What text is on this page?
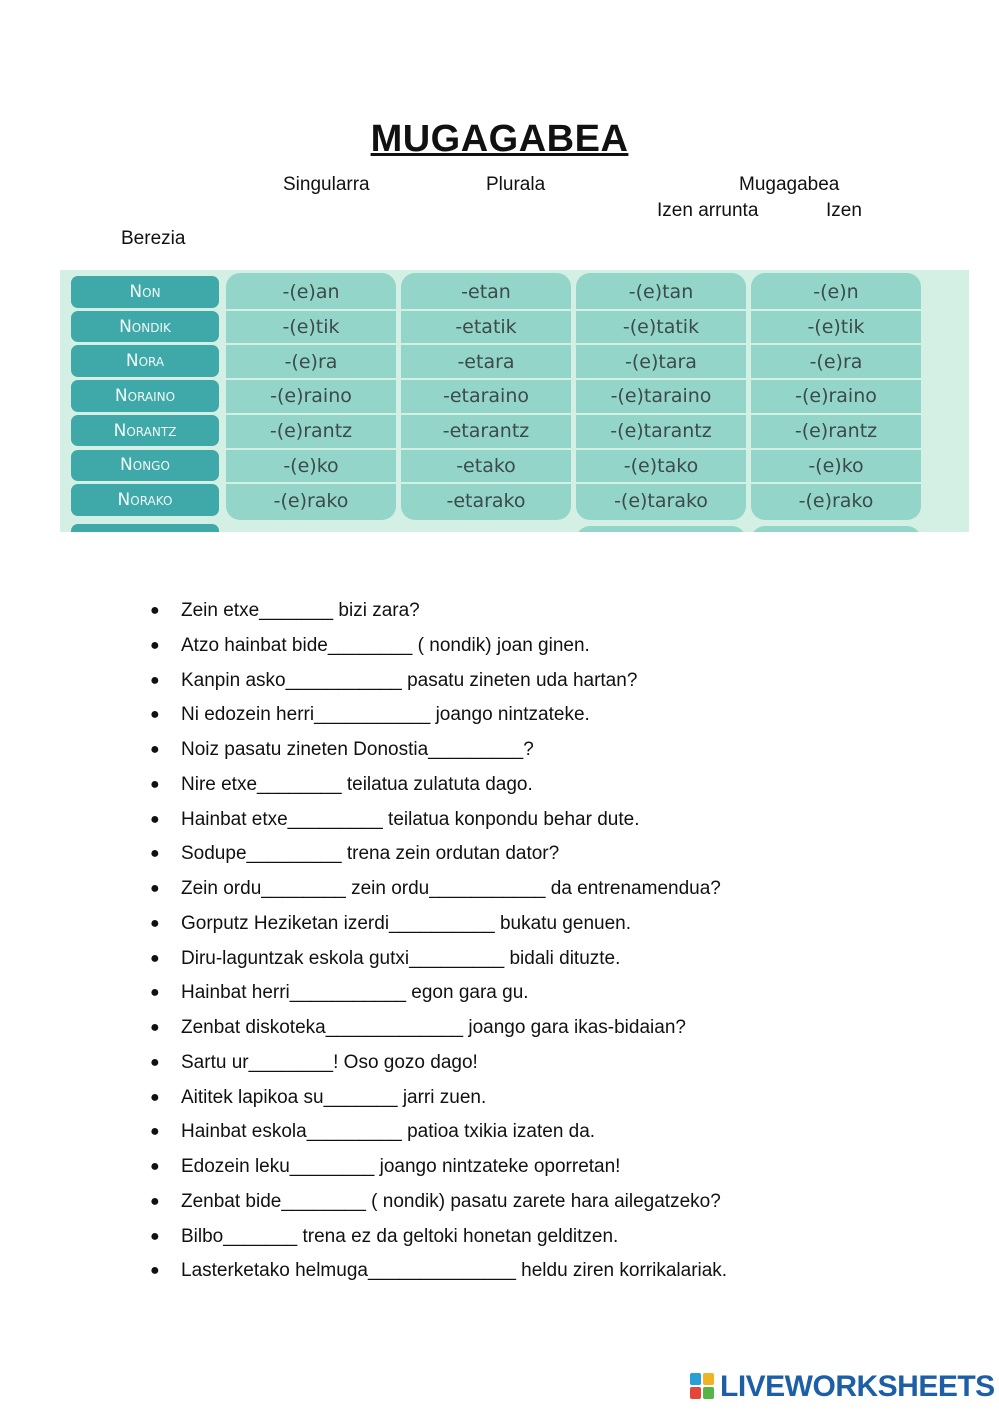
MUGAGABEA
Singularra	Plurala	Mugagabea
Izen arrunta	Izen
Berezia
Non	-(e)an	-etan	-(e)tan	-(e)n
Nondik	-(e)tik	-etatik	-(e)tatik	-(e)tik
Nora	-(e)ra	-etara	-(e)tara	-(e)ra
Noraino	-(e)raino	-etaraino	-(e)taraino	-(e)raino
Norantz	-(e)rantz	-etarantz	-(e)tarantz	-(e)rantz
Nongo	-(e)ko	-etako	-(e)tako	-(e)ko
Norako	-(e)rako	-etarako	-(e)tarako	-(e)rako
● Zein etxe_______ bizi zara?
● Atzo hainbat bide________ ( nondik) joan ginen.
● Kanpin asko___________ pasatu zineten uda hartan?
● Ni edozein herri___________ joango nintzateke.
● Noiz pasatu zineten Donostia_________?
● Nire etxe________ teilatua zulatuta dago.
● Hainbat etxe_________ teilatua konpondu behar dute.
● Sodupe_________ trena zein ordutan dator?
● Zein ordu________ zein ordu___________ da entrenamendua?
● Gorputz Heziketan izerdi__________ bukatu genuen.
● Diru-laguntzak eskola gutxi_________ bidali dituzte.
● Hainbat herri___________ egon gara gu.
● Zenbat diskoteka_____________ joango gara ikas-bidaian?
● Sartu ur________! Oso gozo dago!
● Aititek lapikoa su_______ jarri zuen.
● Hainbat eskola_________ patioa txikia izaten da.
● Edozein leku________ joango nintzateke oporretan!
● Zenbat bide________ ( nondik) pasatu zarete hara ailegatzeko?
● Bilbo_______ trena ez da geltoki honetan gelditzen.
● Lasterketako helmuga______________ heldu ziren korrikalariak.
LIVEWORKSHEETS
